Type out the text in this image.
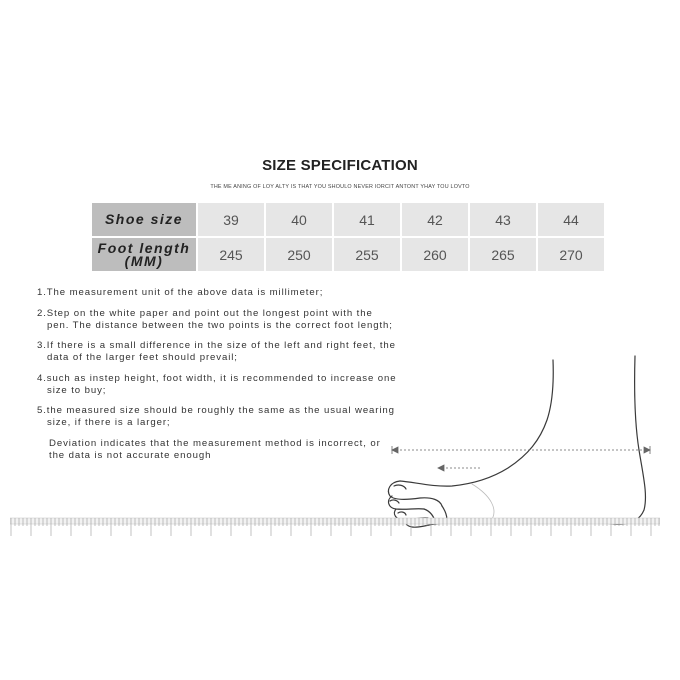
SIZE SPECIFICATION
THE ME ANING OF LOY ALTY IS THAT YOU SHOULO NEVER IORCIT ANTONT YHAY TOU LOVTO
Shoe size	39	40	41	42	43	44

Foot length
(MM)	245	250	255	260	265	270
1.The measurement unit of the above data is millimeter;
2.Step on the white paper and point out the longest point with the pen. The distance between the two points is the correct foot length;
3.If there is a small difference in the size of the left and right feet, the data of the larger feet should prevail;
4.such as instep height, foot width, it is recommended to increase one size to buy;
5.the measured size should be roughly the same as the usual wearing size, if there is a larger;
Deviation indicates that the measurement method is incorrect, or the data is not accurate enough
